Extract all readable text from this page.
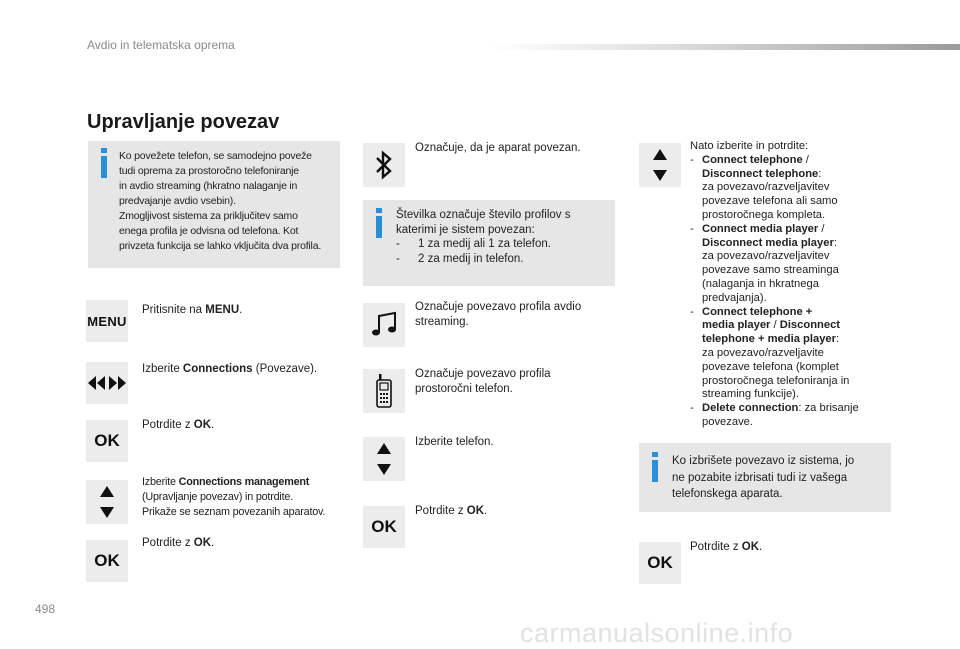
Avdio in telematska oprema
Upravljanje povezav
Ko povežete telefon, se samodejno poveže
tudi oprema za prostoročno telefoniranje
in avdio streaming (hkratno nalaganje in
predvajanje avdio vsebin).
Zmogljivost sistema za priključitev samo
enega profila je odvisna od telefona. Kot
privzeta funkcija se lahko vključita dva profila.
MENU
Pritisnite na MENU.
Izberite Connections (Povezave).
OK
Potrdite z OK.
Izberite Connections management
(Upravljanje povezav) in potrdite.
Prikaže se seznam povezanih aparatov.
OK
Potrdite z OK.
Označuje, da je aparat povezan.
Številka označuje število profilov s
katerimi je sistem povezan:
-	1 za medij ali 1 za telefon.
-	2 za medij in telefon.
Označuje povezavo profila avdio
streaming.
Označuje povezavo profila
prostoročni telefon.
Izberite telefon.
OK
Potrdite z OK.
Nato izberite in potrdite:
- Connect telephone /
Disconnect telephone:
za povezavo/razveljavitev
povezave telefona ali samo
prostoročnega kompleta.
- Connect media player /
Disconnect media player:
za povezavo/razveljavitev
povezave samo streaminga
(nalaganja in hkratnega
predvajanja).
- Connect telephone +
media player / Disconnect
telephone + media player:
za povezavo/razveljavite
povezave telefona (komplet
prostoročnega telefoniranja in
streaming funkcije).
- Delete connection: za brisanje
povezave.
Ko izbrišete povezavo iz sistema, jo
ne pozabite izbrisati tudi iz vašega
telefonskega aparata.
OK
Potrdite z OK.
498
carmanualsonline.info
